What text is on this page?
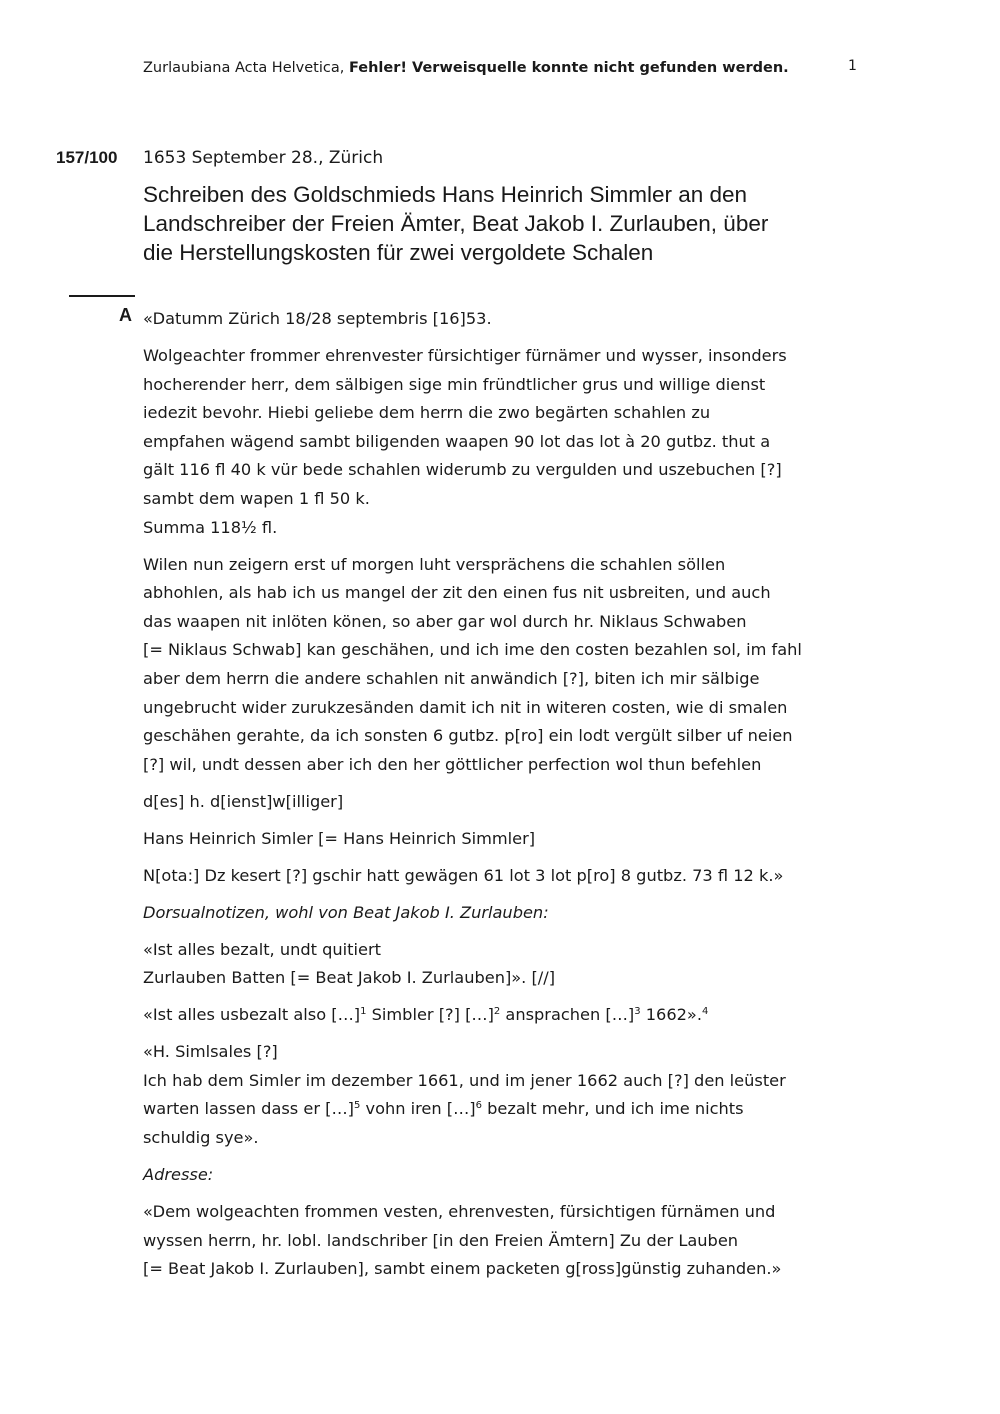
Zurlaubiana Acta Helvetica, Fehler! Verweisquelle konnte nicht gefunden werden.	1
157/100 1653 September 28., Zürich
Schreiben des Goldschmieds Hans Heinrich Simmler an den
Landschreiber der Freien Ämter, Beat Jakob I. Zurlauben, über
die Herstellungskosten für zwei vergoldete Schalen
A «Datumm Zürich 18/28 septembris [16]53.

Wolgeachter frommer ehrenvester fürsichtiger fürnämer und wysser, insonders
hocherender herr, dem sälbigen sige min fründtlicher grus und willige dienst
iedezit bevohr. Hiebi geliebe dem herrn die zwo begärten schahlen zu
empfahen wägend sambt biligenden waapen 90 lot das lot à 20 gutbz. thut a
gält 116 fl 40 k vür bede schahlen widerumb zu vergulden und uszebuchen [?]
sambt dem wapen 1 fl 50 k.
Summa 118½ fl.

Wilen nun zeigern erst uf morgen luht versprächens die schahlen söllen
abhohlen, als hab ich us mangel der zit den einen fus nit usbreiten, und auch
das waapen nit inlöten könen, so aber gar wol durch hr. Niklaus Schwaben
[= Niklaus Schwab] kan geschähen, und ich ime den costen bezahlen sol, im fahl
aber dem herrn die andere schahlen nit anwändich [?], biten ich mir sälbige
ungebrucht wider zurukzesänden damit ich nit in witeren costen, wie di smalen
geschähen gerahte, da ich sonsten 6 gutbz. p[ro] ein lodt vergült silber uf neien
[?] wil, undt dessen aber ich den her göttlicher perfection wol thun befehlen

d[es] h. d[ienst]w[illiger]

Hans Heinrich Simler [= Hans Heinrich Simmler]

N[ota:] Dz kesert [?] gschir hatt gewägen 61 lot 3 lot p[ro] 8 gutbz. 73 fl 12 k.»

Dorsualnotizen, wohl von Beat Jakob I. Zurlauben:

«Ist alles bezalt, undt quitiert
Zurlauben Batten [= Beat Jakob I. Zurlauben]». [//]

«Ist alles usbezalt also […]$^1$ Simbler [?] […]$^2$ ansprachen […]$^3$ 1662».$^4$

«H. Simlsales [?]
Ich hab dem Simler im dezember 1661, und im jener 1662 auch [?] den leüster
warten lassen dass er […]$^5$ vohn iren […]$^6$ bezalt mehr, und ich ime nichts
schuldig sye».

Adresse:

«Dem wolgeachten frommen vesten, ehrenvesten, fürsichtigen fürnämen und
wyssen herrn, hr. lobl. landschriber [in den Freien Ämtern] Zu der Lauben
[= Beat Jakob I. Zurlauben], sambt einem packeten g[ross]günstig zuhanden.»
